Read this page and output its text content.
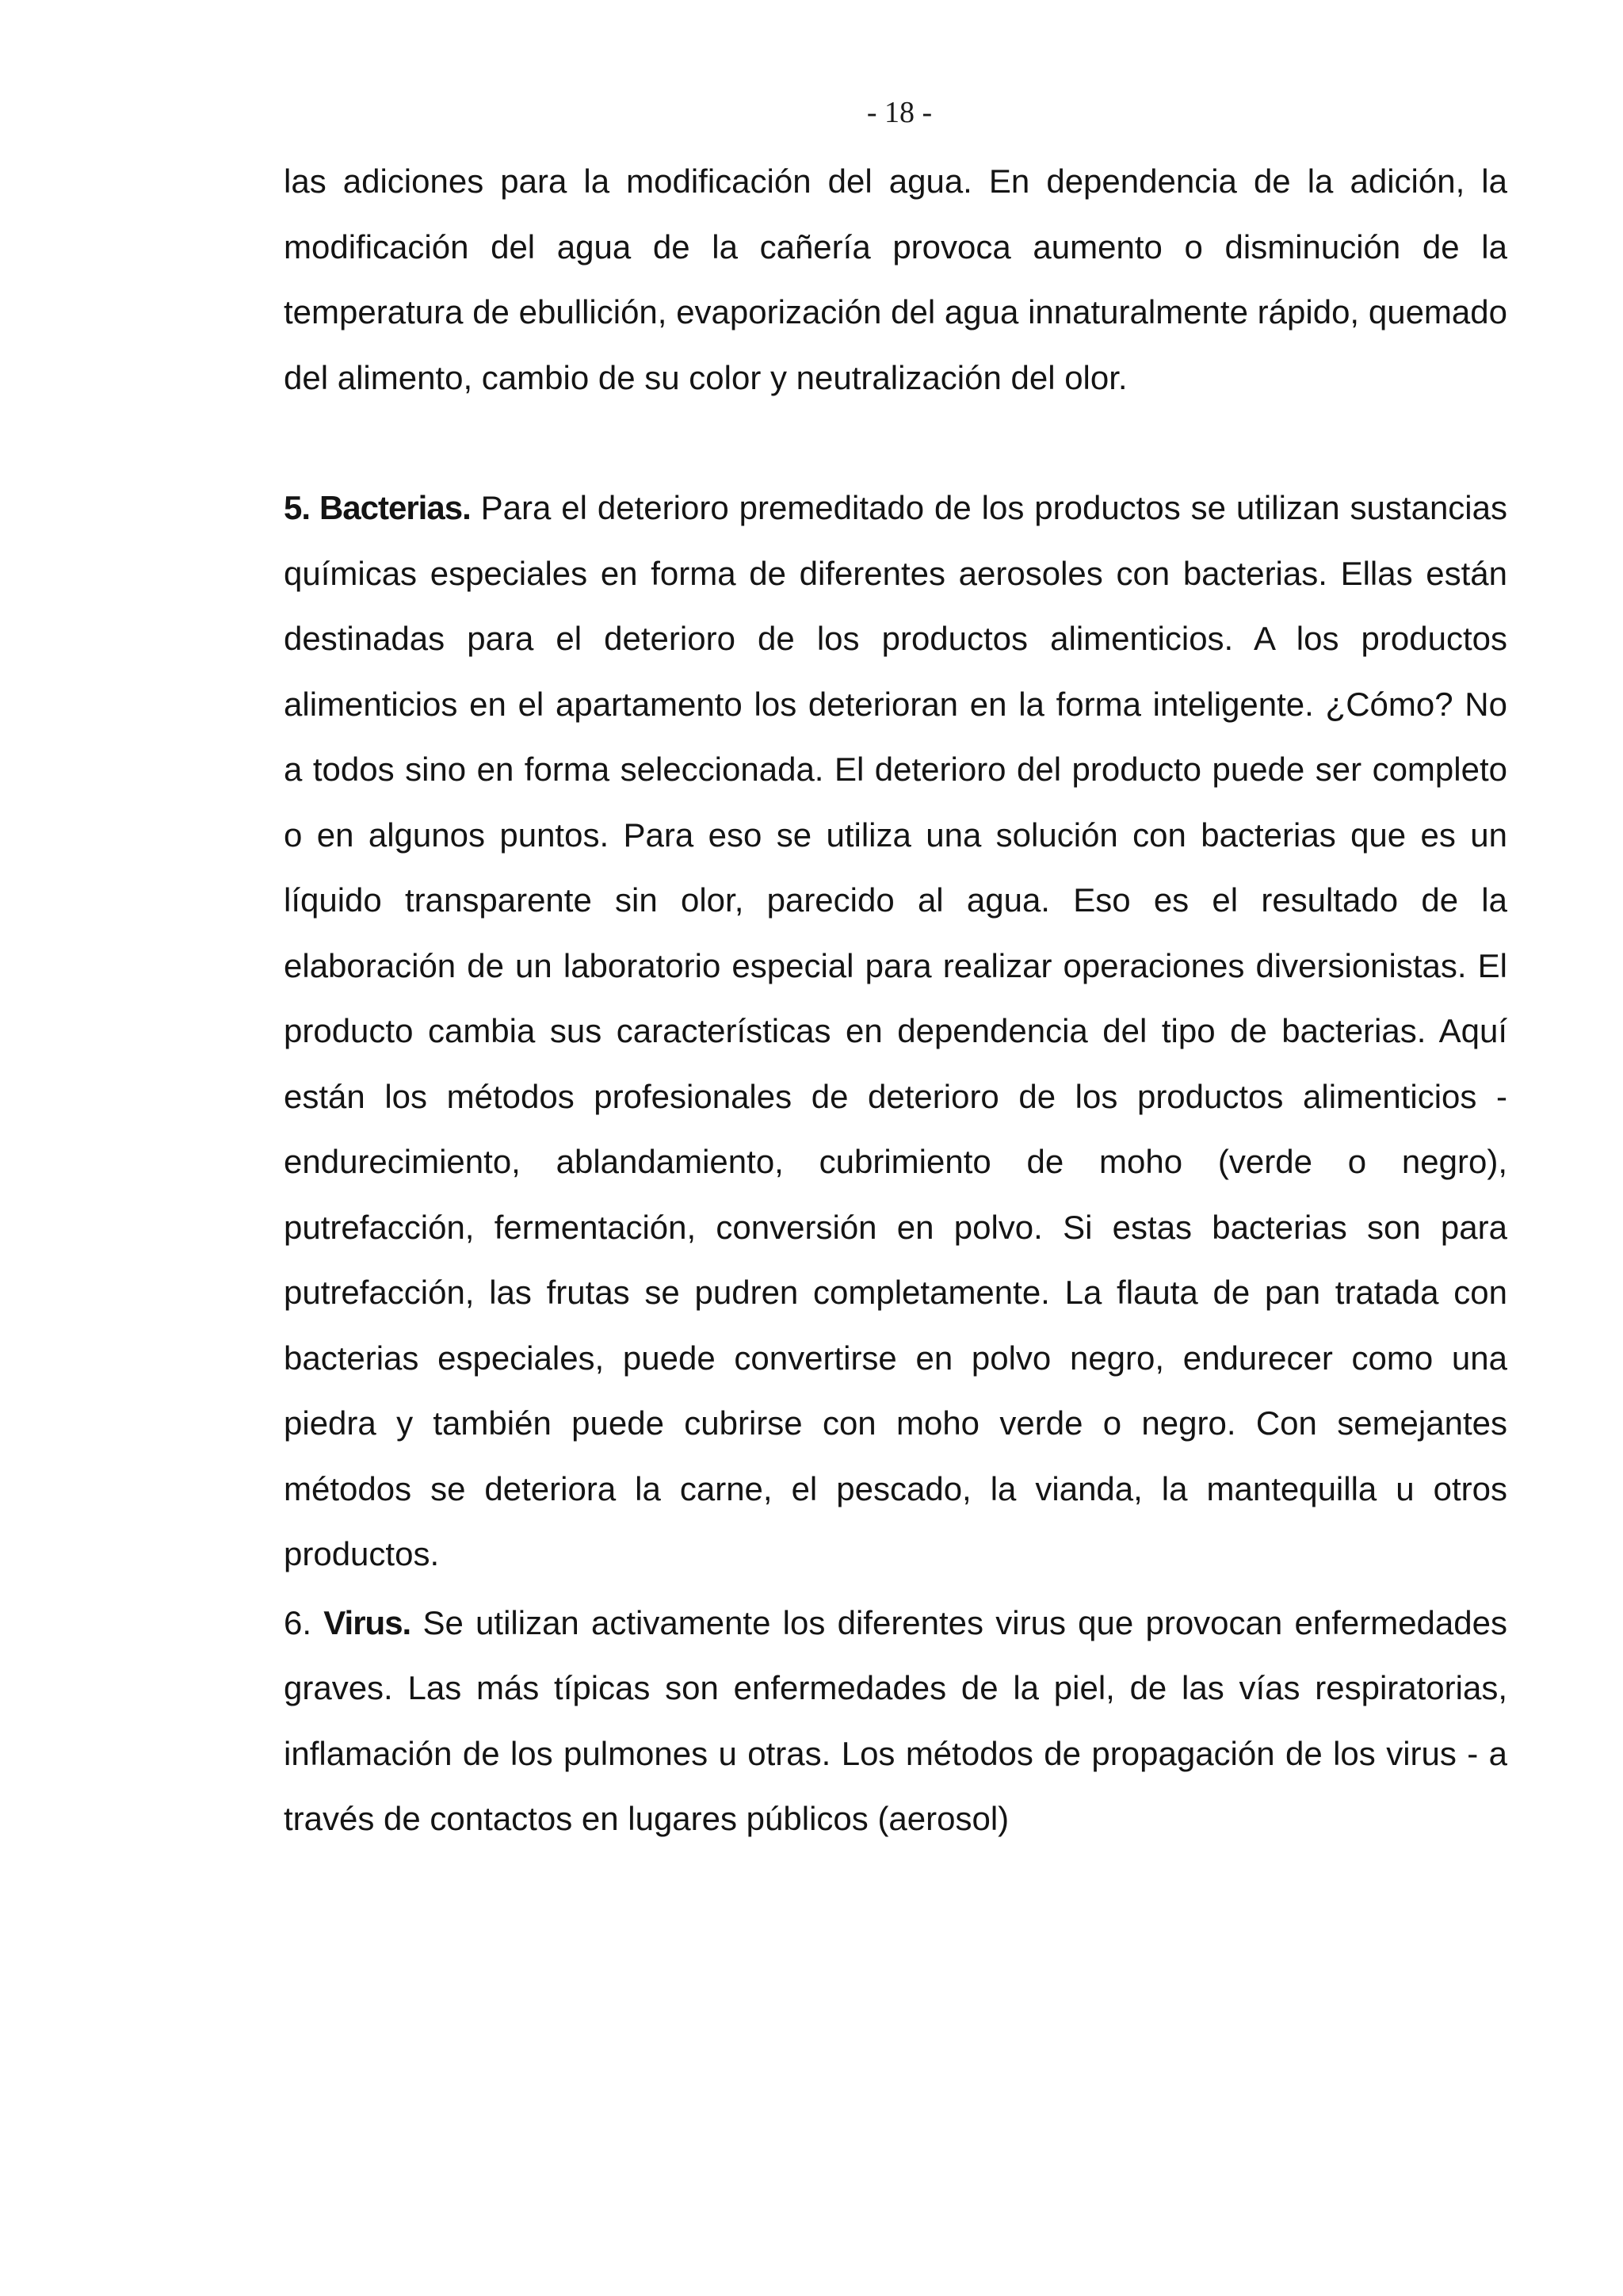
- 18 -

las adiciones para la modificación del agua. En dependencia de la adición, la modificación del agua de la cañería provoca aumento o disminución de la temperatura de ebullición, evaporización del agua innaturalmente rápido, quemado del alimento, cambio de su color y neutralización del olor.

5. Bacterias. Para el deterioro premeditado de los productos se utilizan sustancias químicas especiales en forma de diferentes aerosoles con bacterias. Ellas están destinadas para el deterioro de los productos alimenticios. A los productos alimenticios en el apartamento los deterioran en la forma inteligente. ¿Cómo? No a todos sino en forma seleccionada. El deterioro del producto puede ser completo o en algunos puntos. Para eso se utiliza una solución con bacterias que es un líquido transparente sin olor, parecido al agua. Eso es el resultado de la elaboración de un laboratorio especial para realizar operaciones diversionistas. El producto cambia sus características en dependencia del tipo de bacterias. Aquí están los métodos profesionales de deterioro de los productos alimenticios - endurecimiento, ablandamiento, cubrimiento de moho (verde o negro), putrefacción, fermentación, conversión en polvo. Si estas bacterias son para putrefacción, las frutas se pudren completamente. La flauta de pan tratada con bacterias especiales, puede convertirse en polvo negro, endurecer como una piedra y también puede cubrirse con moho verde o negro. Con semejantes métodos se deteriora la carne, el pescado, la vianda, la mantequilla u otros productos.

6. Virus. Se utilizan activamente los diferentes virus que provocan enfermedades graves. Las más típicas son enfermedades de la piel, de las vías respiratorias, inflamación de los pulmones u otras. Los métodos de propagación de los virus - a través de contactos en lugares públicos (aerosol)
